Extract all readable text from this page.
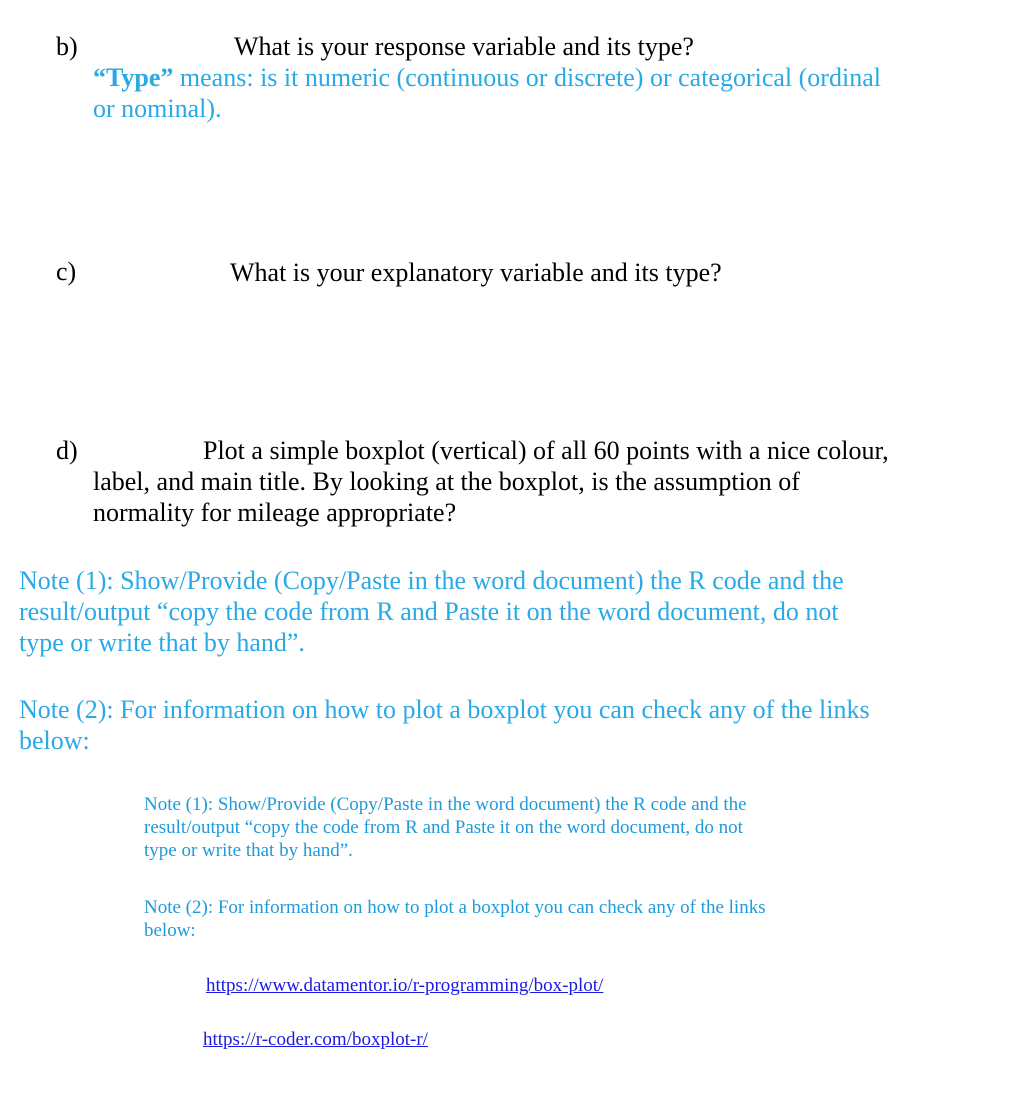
b)	What is your response variable and its type?
“Type” means: is it numeric (continuous or discrete) or categorical (ordinal
or nominal).
c)	What is your explanatory variable and its type?
d)	Plot a simple boxplot (vertical) of all 60 points with a nice colour,
label, and main title. By looking at the boxplot, is the assumption of
normality for mileage appropriate?
Note (1): Show/Provide (Copy/Paste in the word document) the R code and the
result/output “copy the code from R and Paste it on the word document, do not
type or write that by hand”.
Note (2): For information on how to plot a boxplot you can check any of the links
below:
Note (1): Show/Provide (Copy/Paste in the word document) the R code and the
result/output “copy the code from R and Paste it on the word document, do not
type or write that by hand”.
Note (2): For information on how to plot a boxplot you can check any of the links
below:
https://www.datamentor.io/r-programming/box-plot/
https://r-coder.com/boxplot-r/
